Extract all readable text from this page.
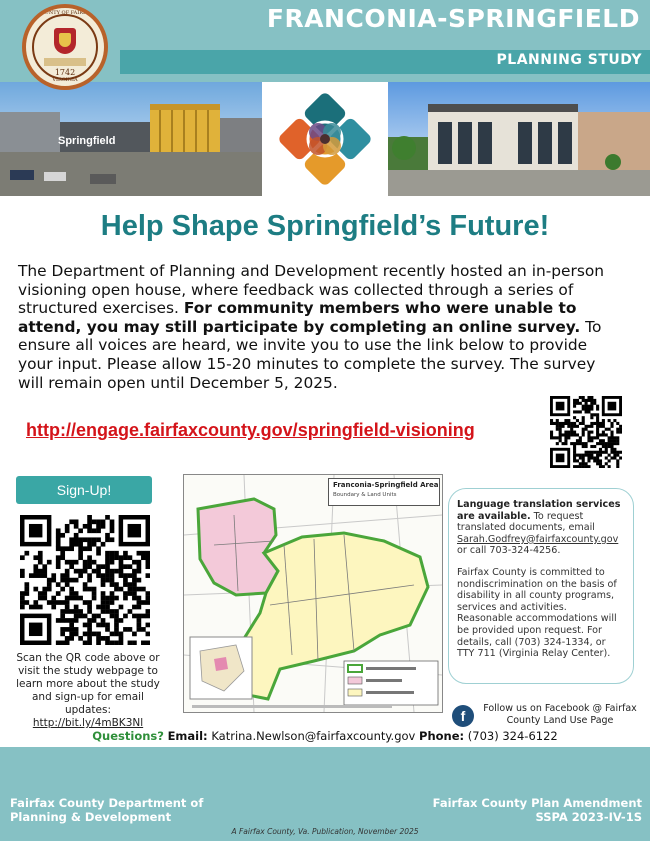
FRANCONIA-SPRINGFIELD
PLANNING STUDY
COUNTY OF FAIRFAX
1742
VIRGINIA
Springfield
Help Shape Springfield’s Future!
The Department of Planning and Development recently hosted an in-person visioning open house, where feedback was collected through a series of structured exercises. For community members who were unable to attend, you may still participate by completing an online survey. To ensure all voices are heard, we invite you to use the link below to provide your input. Please allow 15-20 minutes to complete the survey. The survey will remain open until December 5, 2025.
http://engage.fairfaxcounty.gov/springfield-visioning
Sign-Up!
Scan the QR code above or visit the study webpage to learn more about the study and sign-up for email updates:
http://bit.ly/4mBK3Nl
Franconia-Springfield Area
Boundary & Land Units
Language translation services are available. To request translated documents, email Sarah.Godfrey@fairfaxcounty.gov or call 703-324-4256.
Fairfax County is committed to nondiscrimination on the basis of disability in all county programs, services and activities. Reasonable accommodations will be provided upon request. For details, call (703) 324-1334, or TTY 711 (Virginia Relay Center).
f	Follow us on Facebook @ Fairfax County Land Use Page
Questions? Email: Katrina.Newlson@fairfaxcounty.gov Phone: (703) 324-6122
Fairfax County Department of
Planning & Development
Fairfax County Plan Amendment
SSPA 2023-IV-1S
A Fairfax County, Va. Publication, November 2025
